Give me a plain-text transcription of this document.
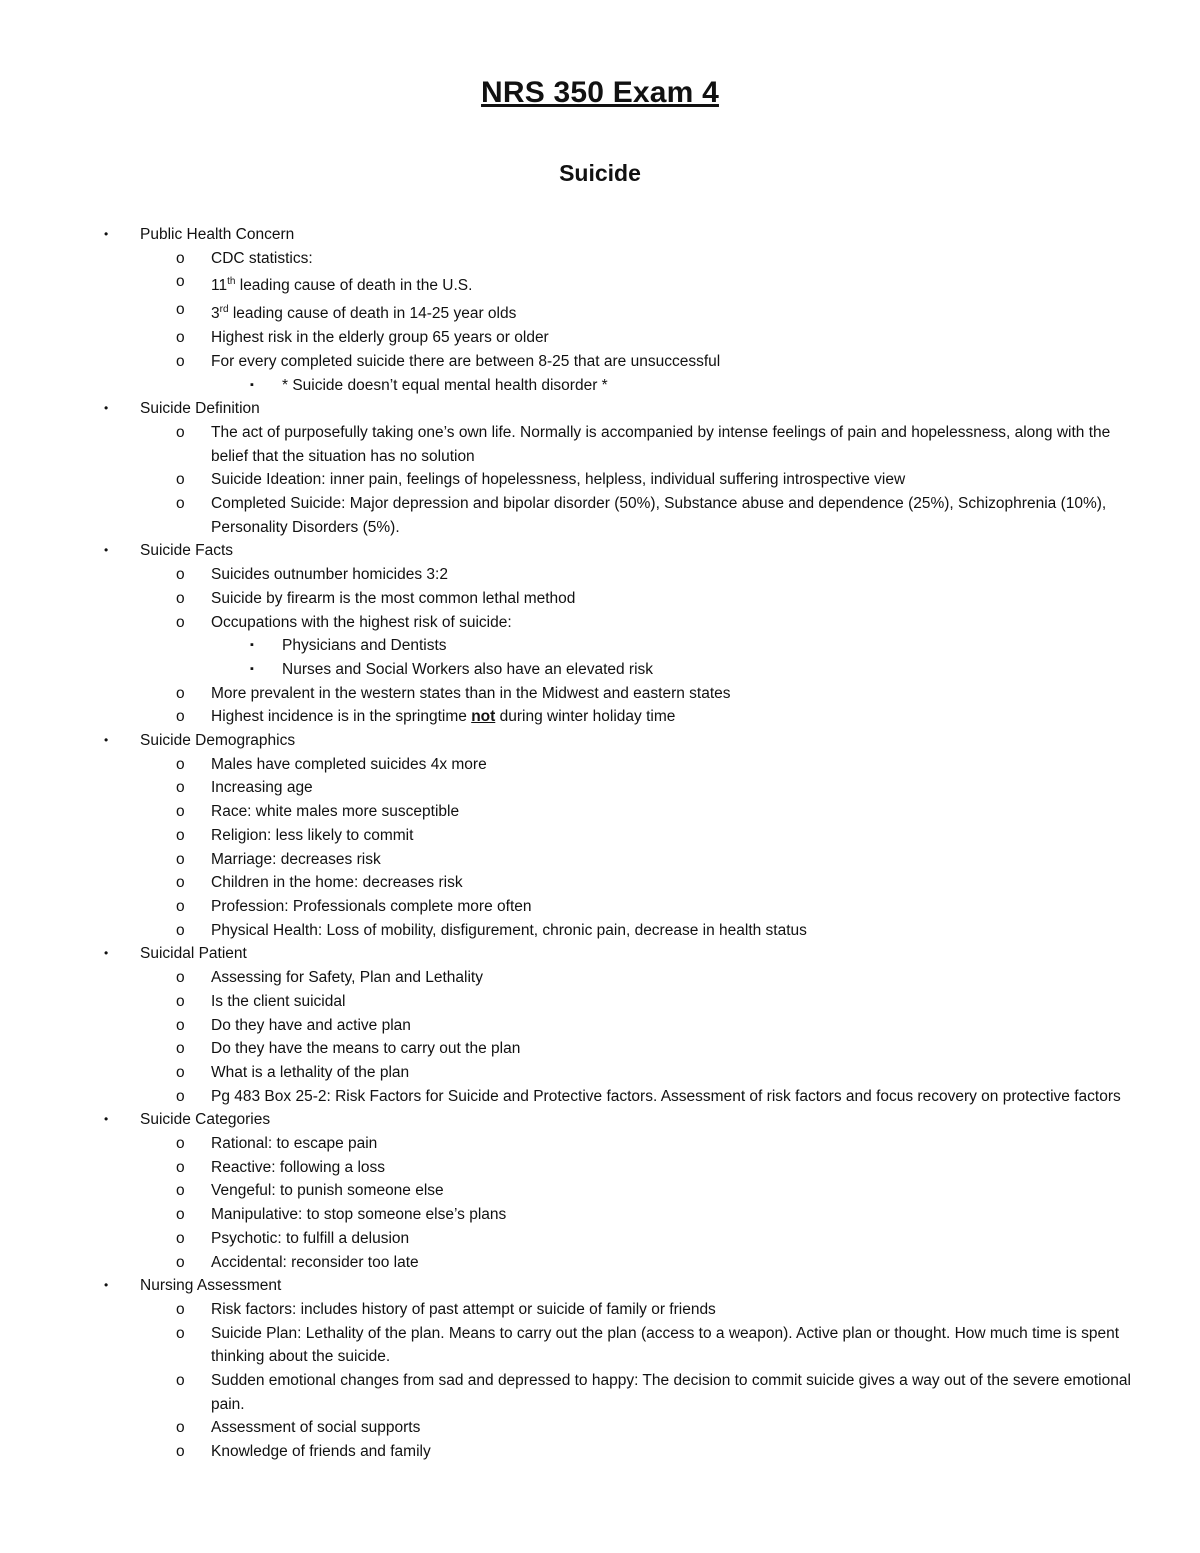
NRS 350 Exam 4
Suicide
• Public Health Concern
o CDC statistics:
o 11th leading cause of death in the U.S.
o 3rd leading cause of death in 14-25 year olds
o Highest risk in the elderly group 65 years or older
o For every completed suicide there are between 8-25 that are unsuccessful
▪ * Suicide doesn’t equal mental health disorder *
• Suicide Definition
o The act of purposefully taking one’s own life. Normally is accompanied by intense feelings of pain and hopelessness, along with the belief that the situation has no solution
o Suicide Ideation: inner pain, feelings of hopelessness, helpless, individual suffering introspective view
o Completed Suicide: Major depression and bipolar disorder (50%), Substance abuse and dependence (25%), Schizophrenia (10%), Personality Disorders (5%).
• Suicide Facts
o Suicides outnumber homicides 3:2
o Suicide by firearm is the most common lethal method
o Occupations with the highest risk of suicide:
▪ Physicians and Dentists
▪ Nurses and Social Workers also have an elevated risk
o More prevalent in the western states than in the Midwest and eastern states
o Highest incidence is in the springtime not during winter holiday time
• Suicide Demographics
o Males have completed suicides 4x more
o Increasing age
o Race: white males more susceptible
o Religion: less likely to commit
o Marriage: decreases risk
o Children in the home: decreases risk
o Profession: Professionals complete more often
o Physical Health: Loss of mobility, disfigurement, chronic pain, decrease in health status
• Suicidal Patient
o Assessing for Safety, Plan and Lethality
o Is the client suicidal
o Do they have and active plan
o Do they have the means to carry out the plan
o What is a lethality of the plan
o Pg 483 Box 25-2: Risk Factors for Suicide and Protective factors. Assessment of risk factors and focus recovery on protective factors
• Suicide Categories
o Rational: to escape pain
o Reactive: following a loss
o Vengeful: to punish someone else
o Manipulative: to stop someone else’s plans
o Psychotic: to fulfill a delusion
o Accidental: reconsider too late
• Nursing Assessment
o Risk factors: includes history of past attempt or suicide of family or friends
o Suicide Plan: Lethality of the plan. Means to carry out the plan (access to a weapon). Active plan or thought. How much time is spent thinking about the suicide.
o Sudden emotional changes from sad and depressed to happy: The decision to commit suicide gives a way out of the severe emotional pain.
o Assessment of social supports
o Knowledge of friends and family
